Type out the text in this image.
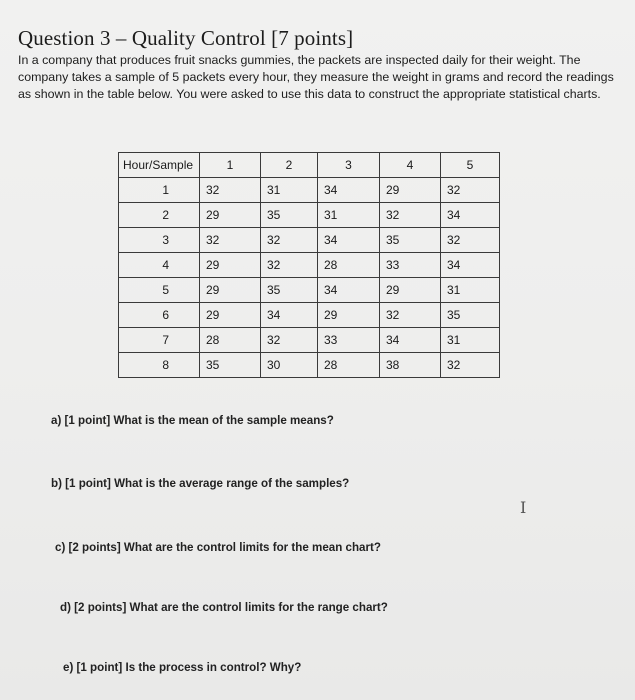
Question 3 – Quality Control [7 points]
In a company that produces fruit snacks gummies, the packets are inspected daily for their weight. The company takes a sample of 5 packets every hour, they measure the weight in grams and record the readings as shown in the table below. You were asked to use this data to construct the appropriate statistical charts.
Hour/Sample	1	2	3	4	5
1	32	31	34	29	32
2	29	35	31	32	34
3	32	32	34	35	32
4	29	32	28	33	34
5	29	35	34	29	31
6	29	34	29	32	35
7	28	32	33	34	31
8	35	30	28	38	32
a) [1 point] What is the mean of the sample means?
b) [1 point] What is the average range of the samples?
c) [2 points] What are the control limits for the mean chart?
d) [2 points] What are the control limits for the range chart?
e) [1 point] Is the process in control? Why?
I
